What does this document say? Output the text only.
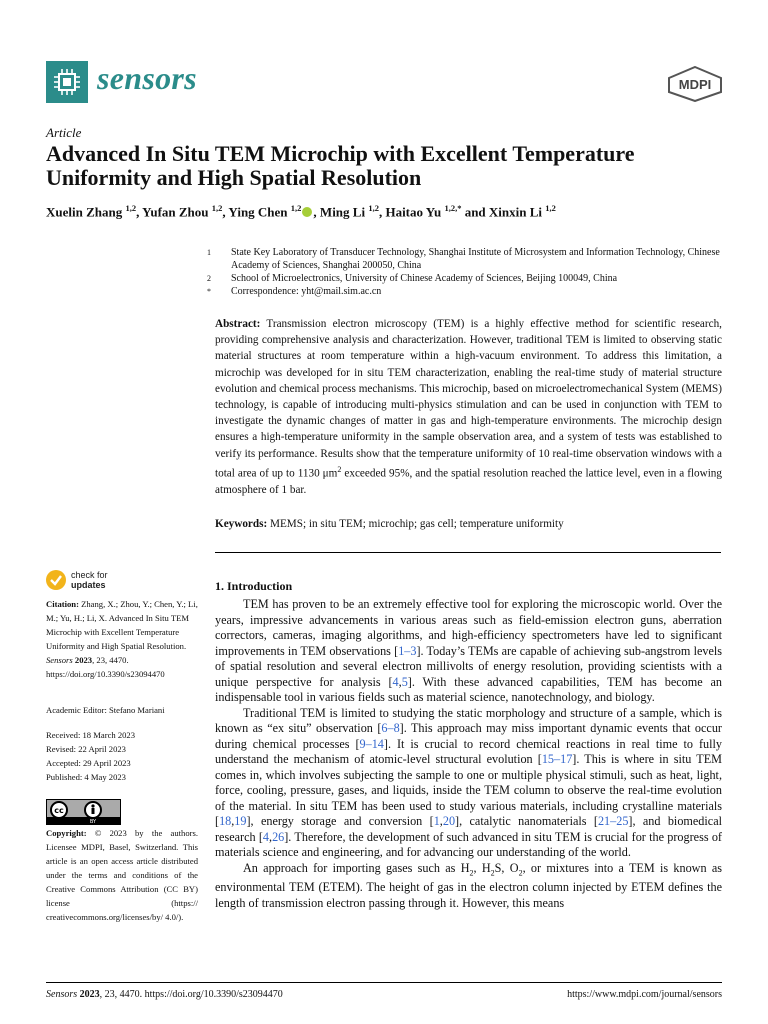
sensors	MDPI
Article
Advanced In Situ TEM Microchip with Excellent Temperature Uniformity and High Spatial Resolution
Xuelin Zhang $^{1,2}$, Yufan Zhou $^{1,2}$, Ying Chen $^{1,2}$ , Ming Li $^{1,2}$, Haitao Yu $^{1,2,*}$ and Xinxin Li $^{1,2}$
1	State Key Laboratory of Transducer Technology, Shanghai Institute of Microsystem and Information Technology, Chinese Academy of Sciences, Shanghai 200050, China
2	School of Microelectronics, University of Chinese Academy of Sciences, Beijing 100049, China
*	Correspondence: yht@mail.sim.ac.cn
Abstract: Transmission electron microscopy (TEM) is a highly effective method for scientific research, providing comprehensive analysis and characterization. However, traditional TEM is limited to observing static material structures at room temperature within a high-vacuum environment. To address this limitation, a microchip was developed for in situ TEM characterization, enabling the real-time study of material structure evolution and chemical process mechanisms. This microchip, based on microelectromechanical System (MEMS) technology, is capable of introducing multi-physics stimulation and can be used in conjunction with TEM to investigate the dynamic changes of matter in gas and high-temperature environments. The microchip design ensures a high-temperature uniformity in the sample observation area, and a system of tests was established to verify its performance. Results show that the temperature uniformity of 10 real-time observation windows with a total area of up to 1130 $\mu m^2$ exceeded 95%, and the spatial resolution reached the lattice level, even in a flowing atmosphere of 1 bar.
Keywords: MEMS; in situ TEM; microchip; gas cell; temperature uniformity
check for
updates
Citation: Zhang, X.; Zhou, Y.; Chen, Y.; Li, M.; Yu, H.; Li, X. Advanced In Situ TEM Microchip with Excellent Temperature Uniformity and High Spatial Resolution. Sensors 2023, 23, 4470. https://doi.org/10.3390/s23094470
Academic Editor: Stefano Mariani
Received: 18 March 2023
Revised: 22 April 2023
Accepted: 29 April 2023
Published: 4 May 2023
cc
BY
Copyright: © 2023 by the authors. Licensee MDPI, Basel, Switzerland. This article is an open access article distributed under the terms and conditions of the Creative Commons Attribution (CC BY) license (https:// creativecommons.org/licenses/by/ 4.0/).
1. Introduction

TEM has proven to be an extremely effective tool for exploring the microscopic world. Over the years, impressive advancements in various areas such as field-emission electron guns, aberration correctors, cameras, imaging algorithms, and high-efficiency spectrometers have led to significant improvements in TEM observations [1–3]. Today’s TEMs are capable of achieving sub-angstrom levels of spatial resolution and several electron millivolts of energy resolution, providing scientists with a unique perspective for analysis [4,5]. With these advanced capabilities, TEM has become an indispensable tool in various fields such as material science, nanotechnology, and biology.

Traditional TEM is limited to studying the static morphology and structure of a sample, which is known as “ex situ” observation [6–8]. This approach may miss important dynamic events that occur during chemical processes [9–14]. It is crucial to record chemical reactions in real time to fully understand the mechanism of atomic-level structural evolution [15–17]. This is where in situ TEM comes in, which involves subjecting the sample to one or multiple physical stimuli, such as heat, light, force, cooling, pressure, gases, and liquids, inside the TEM column to observe the real-time evolution of the material. In situ TEM has been used to study various materials, including crystalline materials [18,19], energy storage and conversion [1,20], catalytic nanomaterials [21–25], and biomedical research [4,26]. Therefore, the development of such advanced in situ TEM is crucial for the progress of materials science and engineering, and for advancing our understanding of the world.

An approach for importing gases such as $H_2$, $H_2S$, $O_2$, or mixtures into a TEM is known as environmental TEM (ETEM). The height of gas in the electron column injected by ETEM defines the length of transmission electron passing through it. However, this means

Sensors 2023, 23, 4470. https://doi.org/10.3390/s23094470	https://www.mdpi.com/journal/sensors
